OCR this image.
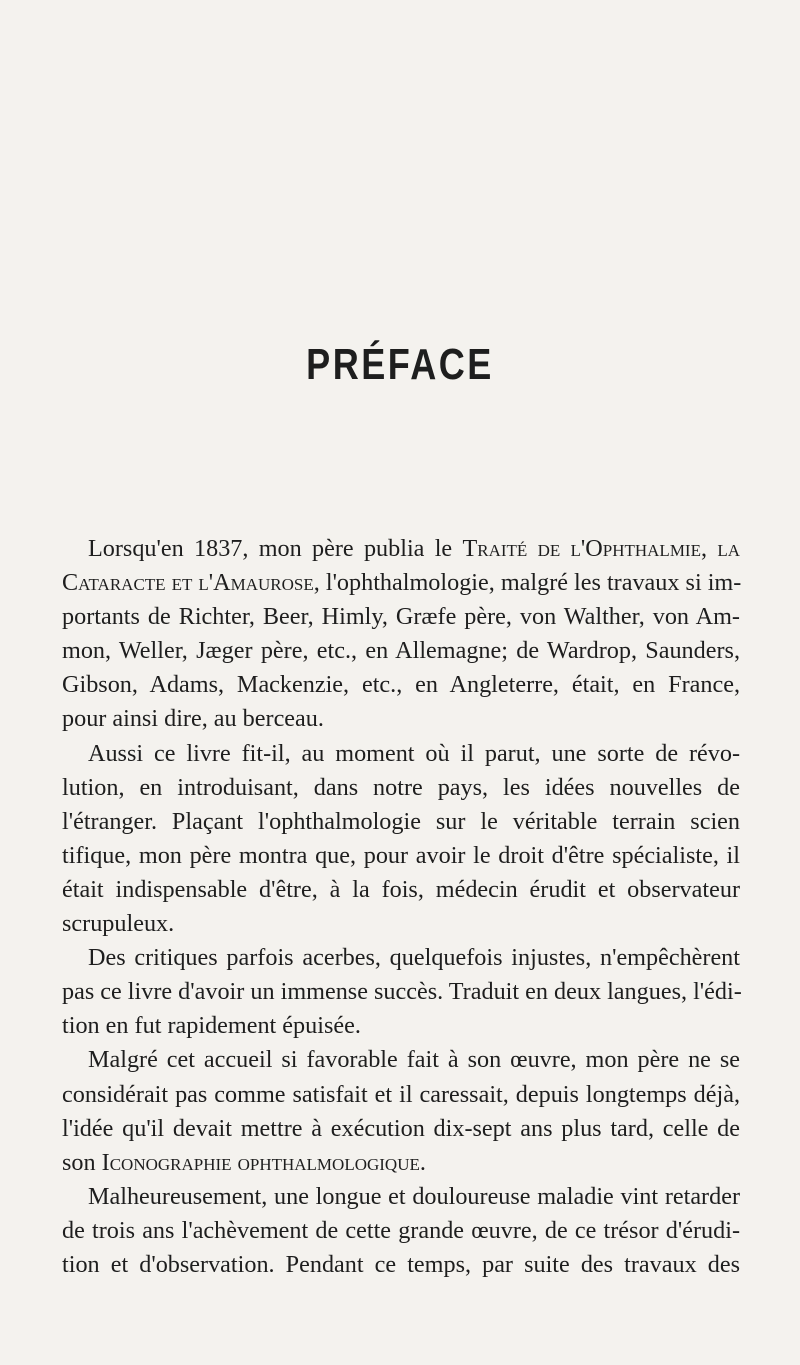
PRÉFACE
Lorsqu'en 1837, mon père publia le Traité de l'Ophthalmie, la
Cataracte et l'Amaurose, l'ophthalmologie, malgré les travaux si im-
portants de Richter, Beer, Himly, Græfe père, von Walther, von Am-
mon, Weller, Jæger père, etc., en Allemagne; de Wardrop, Saunders,
Gibson, Adams, Mackenzie, etc., en Angleterre, était, en France,
pour ainsi dire, au berceau.
Aussi ce livre fit-il, au moment où il parut, une sorte de révo-
lution, en introduisant, dans notre pays, les idées nouvelles de
l'étranger. Plaçant l'ophthalmologie sur le véritable terrain scien
tifique, mon père montra que, pour avoir le droit d'être spécialiste, il
était indispensable d'être, à la fois, médecin érudit et observateur
scrupuleux.
Des critiques parfois acerbes, quelquefois injustes, n'empêchèrent
pas ce livre d'avoir un immense succès. Traduit en deux langues, l'édi-
tion en fut rapidement épuisée.
Malgré cet accueil si favorable fait à son œuvre, mon père ne se
considérait pas comme satisfait et il caressait, depuis longtemps déjà,
l'idée qu'il devait mettre à exécution dix-sept ans plus tard, celle de
son Iconographie ophthalmologique.
Malheureusement, une longue et douloureuse maladie vint retarder
de trois ans l'achèvement de cette grande œuvre, de ce trésor d'érudi-
tion et d'observation. Pendant ce temps, par suite des travaux des
